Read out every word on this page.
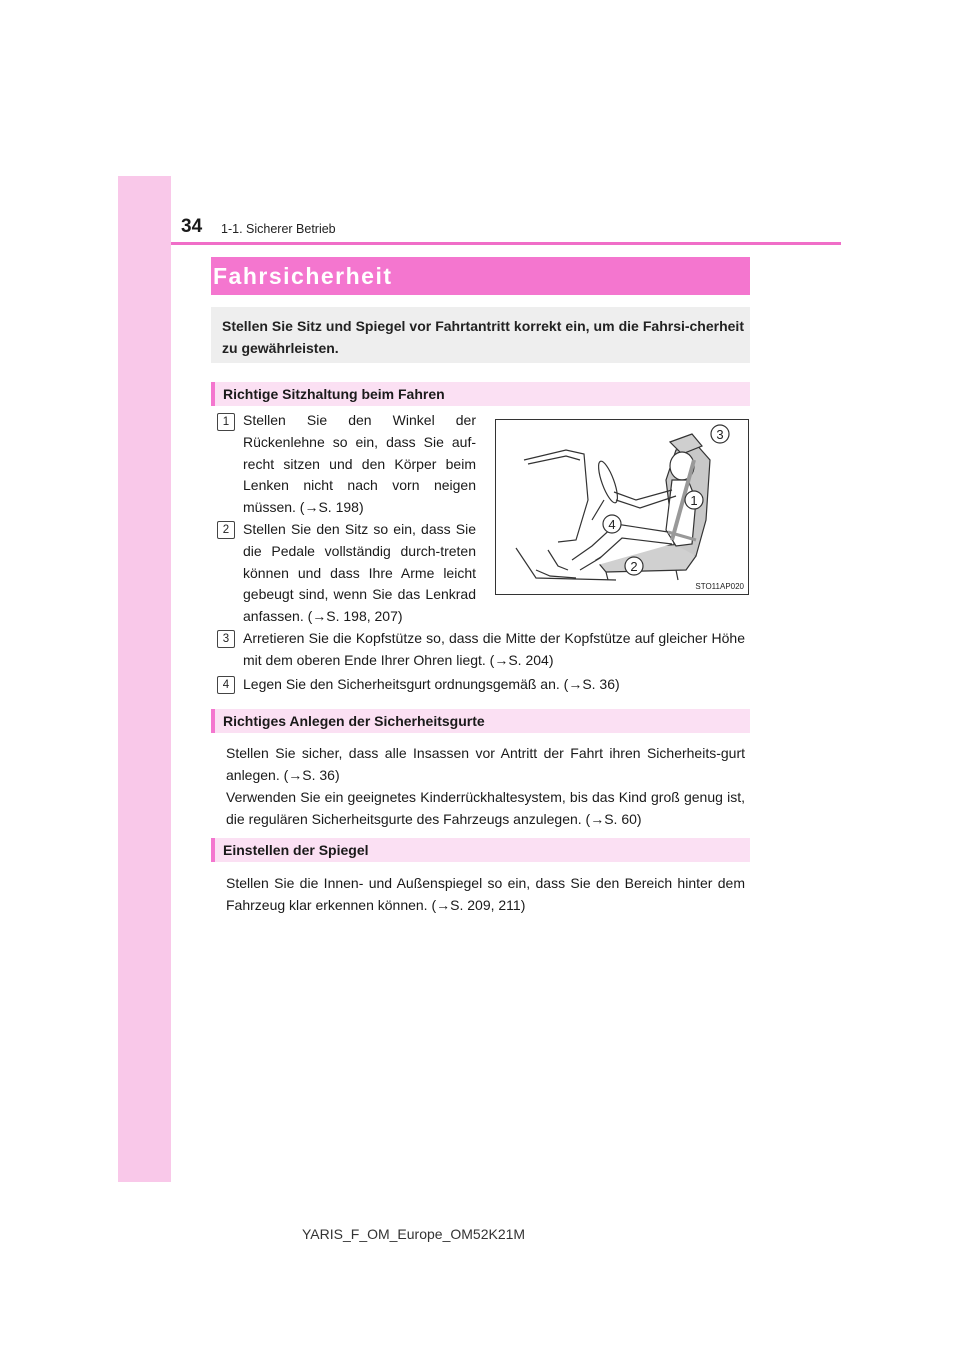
34 1-1. Sicherer Betrieb
Fahrsicherheit
Stellen Sie Sitz und Spiegel vor Fahrtantritt korrekt ein, um die Fahrsi-cherheit zu gewährleisten.
Richtige Sitzhaltung beim Fahren
1 Stellen Sie den Winkel der Rückenlehne so ein, dass Sie auf-recht sitzen und den Körper beim Lenken nicht nach vorn neigen müssen. (→S. 198)
2 Stellen Sie den Sitz so ein, dass Sie die Pedale vollständig durch-treten können und dass Ihre Arme leicht gebeugt sind, wenn Sie das Lenkrad anfassen. (→S. 198, 207)
3 Arretieren Sie die Kopfstütze so, dass die Mitte der Kopfstütze auf gleicher Höhe mit dem oberen Ende Ihrer Ohren liegt. (→S. 204)
4 Legen Sie den Sicherheitsgurt ordnungsgemäß an. (→S. 36)
3
1
4
2
STO11AP020
Richtiges Anlegen der Sicherheitsgurte
Stellen Sie sicher, dass alle Insassen vor Antritt der Fahrt ihren Sicherheits-gurt anlegen. (→S. 36)
Verwenden Sie ein geeignetes Kinderrückhaltesystem, bis das Kind groß genug ist, die regulären Sicherheitsgurte des Fahrzeugs anzulegen. (→S. 60)
Einstellen der Spiegel
Stellen Sie die Innen- und Außenspiegel so ein, dass Sie den Bereich hinter dem Fahrzeug klar erkennen können. (→S. 209, 211)
YARIS_F_OM_Europe_OM52K21M
